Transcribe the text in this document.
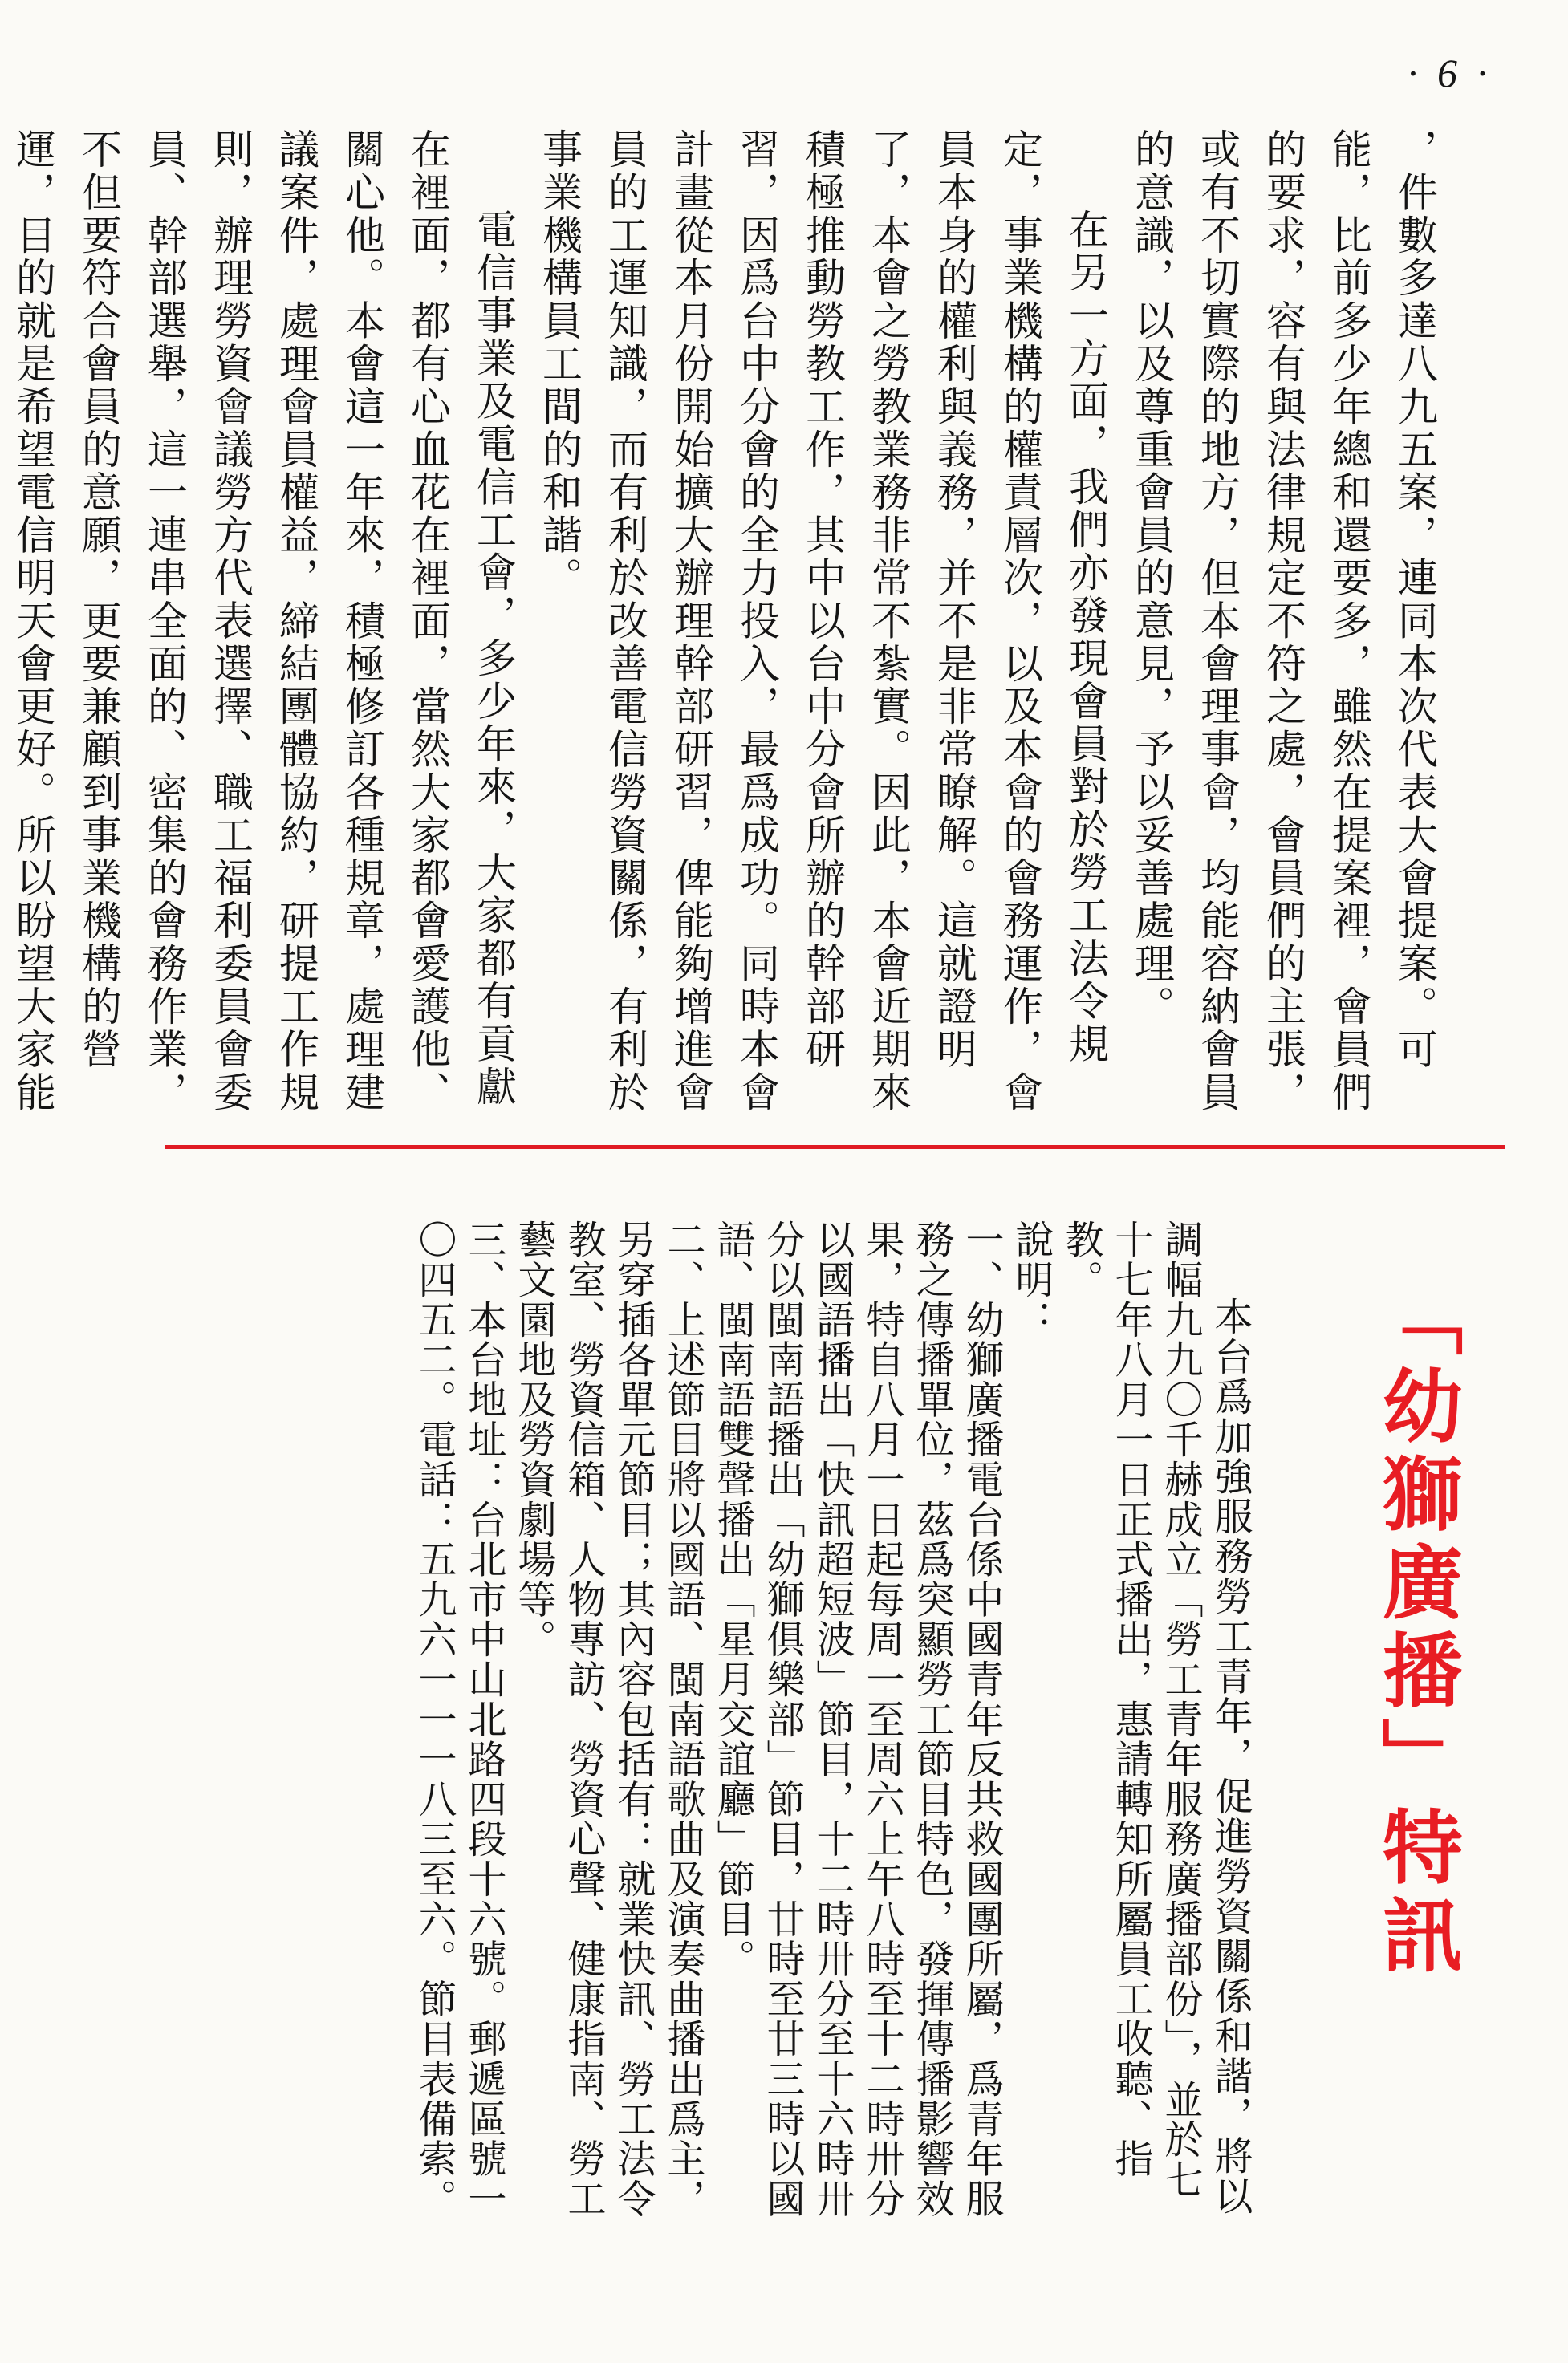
· 6 ·

，件數多達八九五案，連同本次代表大會提案。可能，比前多少年總和還要多，雖然在提案裡，會員們的要求，容有與法律規定不符之處，會員們的主張，或有不切實際的地方，但本會理事會，均能容納會員的意識，以及尊重會員的意見，予以妥善處理。

在另一方面，我們亦發現會員對於勞工法令規定，事業機構的權責層次，以及本會的會務運作，會員本身的權利與義務，并不是非常瞭解。這就證明了，本會之勞教業務非常不紮實。因此，本會近期來積極推動勞教工作，其中以台中分會所辦的幹部研習，因爲台中分會的全力投入，最爲成功。同時本會計畫從本月份開始擴大辦理幹部研習，俾能夠增進會員的工運知識，而有利於改善電信勞資關係，有利於事業機構員工間的和諧。

電信事業及電信工會，多少年來，大家都有貢獻在裡面，都有心血花在裡面，當然大家都會愛護他、關心他。本會這一年來，積極修訂各種規章，處理建議案件，處理會員權益，締結團體協約，研提工作規則，辦理勞資會議勞方代表選擇、職工福利委員會委員、幹部選舉，這一連串全面的、密集的會務作業，不但要符合會員的意願，更要兼顧到事業機構的營運，目的就是希望電信明天會更好。所以盼望大家能

「幼獅廣播」特訊

本台爲加強服務勞工青年，促進勞資關係和諧，將以調幅九九〇千赫成立「勞工青年服務廣播部份」，並於七十七年八月一日正式播出，惠請轉知所屬員工收聽、指教。

說明：

一、幼獅廣播電台係中國青年反共救國團所屬，爲青年服務之傳播單位，茲爲突顯勞工節目特色，發揮傳播影響效果，特自八月一日起每周一至周六上午八時至十二時卅分以國語播出「快訊超短波」節目，十二時卅分至十六時卅分以閩南語播出「幼獅俱樂部」節目，廿時至廿三時以國語、閩南語雙聲播出「星月交誼廳」節目。

二、上述節目將以國語、閩南語歌曲及演奏曲播出爲主，另穿插各單元節目；其內容包括有：就業快訊、勞工法令教室、勞資信箱、人物專訪、勞資心聲、健康指南、勞工藝文園地及勞資劇場等。

三、本台地址：台北市中山北路四段十六號。郵遞區號一〇四五二。電話：五九六一一一八三至六。節目表備索。
